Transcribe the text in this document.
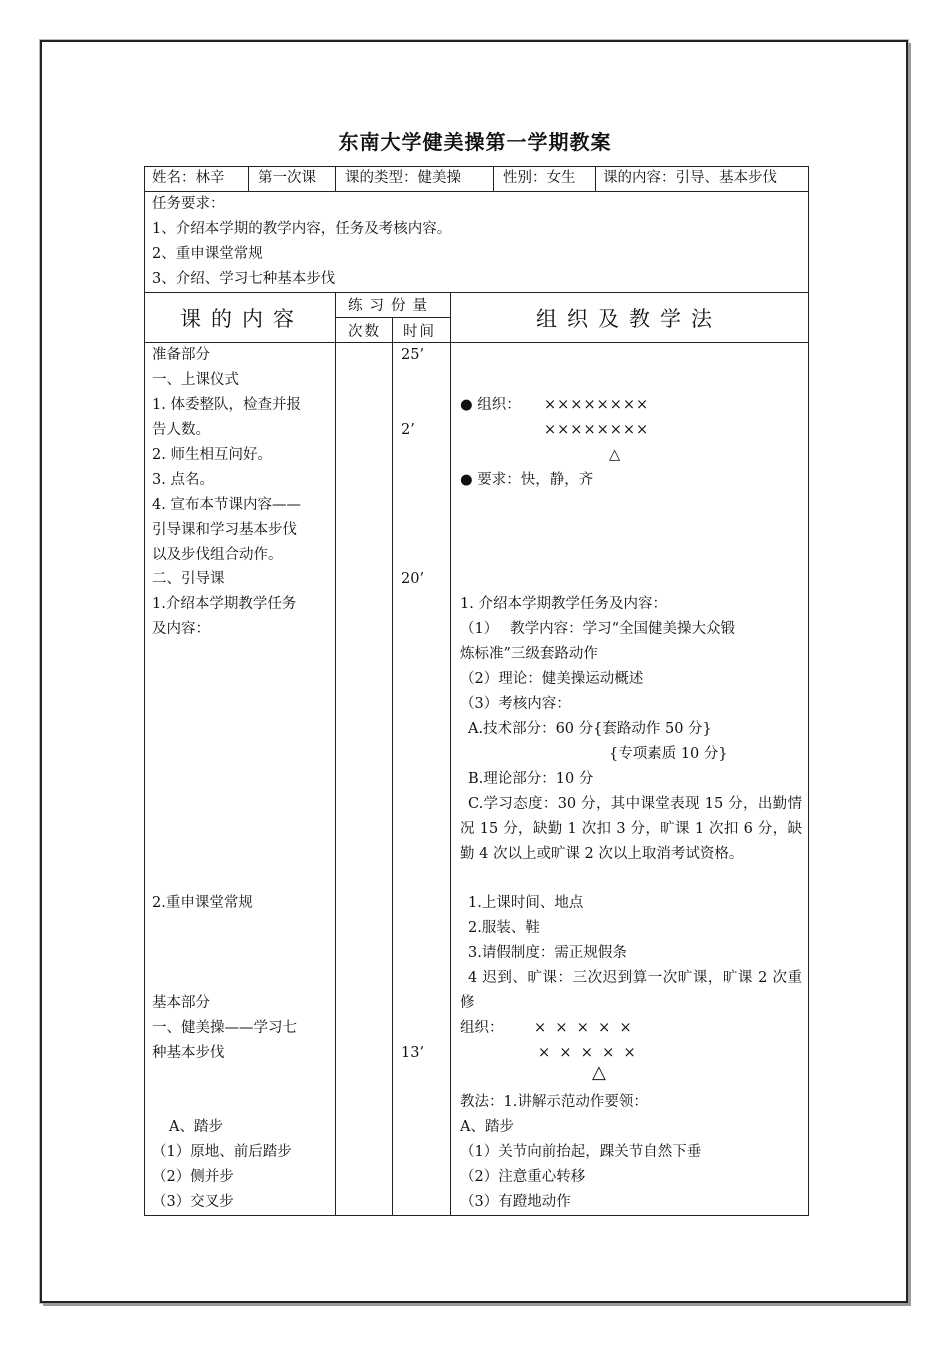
东南大学健美操第一学期教案
姓名：林辛 第一次课 课的类型：健美操	性别：女生 课的内容：引导、基本步伐
任务要求：
1、介绍本学期的教学内容，任务及考核内容。
2、重申课堂常规
3、介绍、学习七种基本步伐
课的内容
练习份量
次数 时间
组织及教学法
准备部分
一、上课仪式
1. 体委整队，检查并报
告人数。
2. 师生相互问好。
3. 点名。
4. 宣布本节课内容——
引导课和学习基本步伐
以及步伐组合动作。
二、引导课
1.介绍本学期教学任务
及内容：
2.重申课堂常规
基本部分
一、健美操——学习七
种基本步伐
A、踏步
（1）原地、前后踏步
（2）侧并步
（3）交叉步
25’
2’
20’
13’
● 组织： ××××××××
××××××××
△
● 要求：快，静，齐
1. 介绍本学期教学任务及内容：
（1）　 教学内容：学习“全国健美操大众锻
炼标准”三级套路动作
（2）理论：健美操运动概述
（3）考核内容：
A.技术部分：60 分{套路动作 50 分}
{专项素质 10 分}
B.理论部分：10 分
C.学习态度：30 分，其中课堂表现 15 分，出勤情况 15 分，缺勤 1 次扣 3 分，旷课 1 次扣 6 分，缺勤 4 次以上或旷课 2 次以上取消考试资格。
1.上课时间、地点
2.服装、鞋
3.请假制度：需正规假条
4 迟到、旷课：三次迟到算一次旷课，旷课 2 次重修
组织： ×  ×  ×  ×  ×
×  ×  ×  ×  ×
△
教法：1.讲解示范动作要领：
A、踏步
（1）关节向前抬起，踝关节自然下垂
（2）注意重心转移
（3）有蹬地动作
